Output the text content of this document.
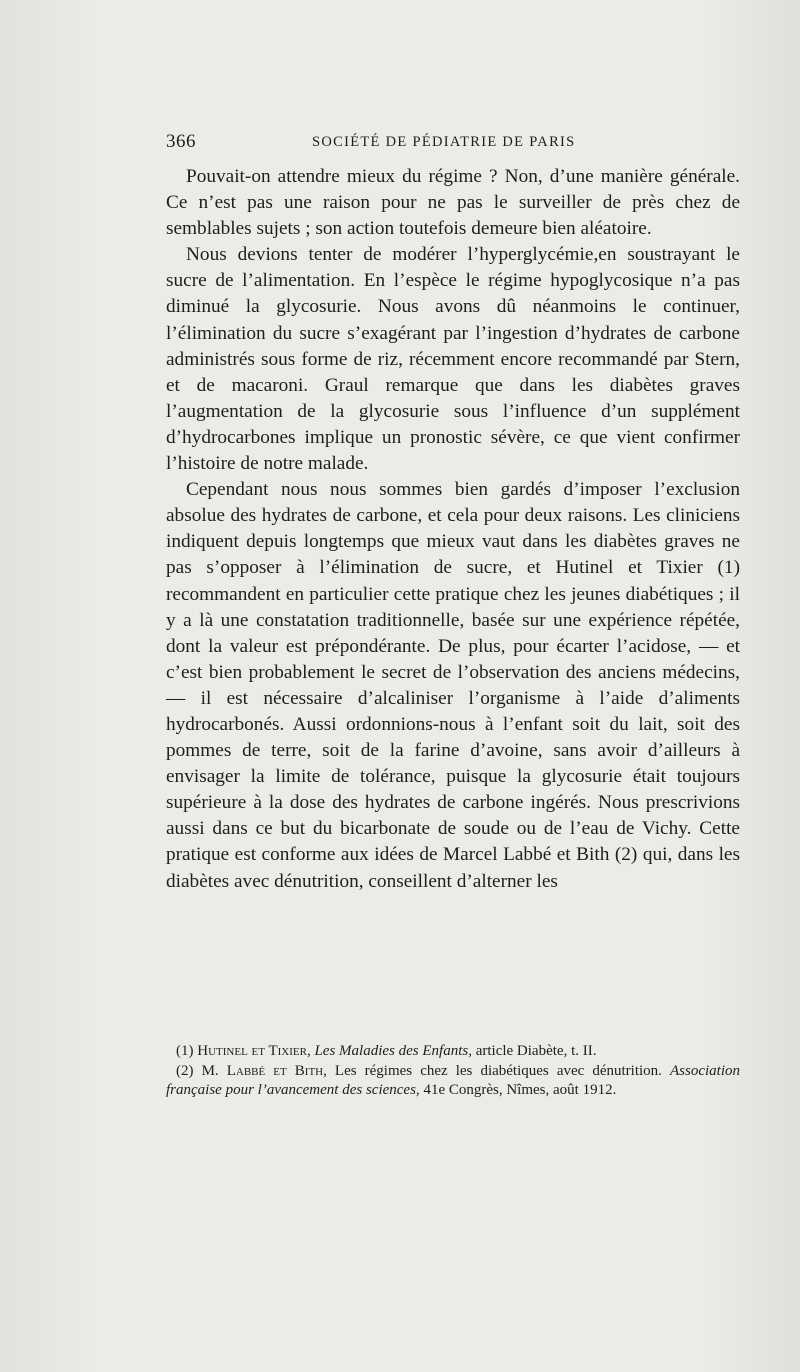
366	SOCIÉTÉ DE PÉDIATRIE DE PARIS

Pouvait-on attendre mieux du régime ? Non, d’une manière générale. Ce n’est pas une raison pour ne pas le surveiller de près chez de semblables sujets ; son action toutefois demeure bien aléatoire.

Nous devions tenter de modérer l’hyperglycémie,en soustrayant le sucre de l’alimentation. En l’espèce le régime hypoglycosique n’a pas diminué la glycosurie. Nous avons dû néanmoins le continuer, l’élimination du sucre s’exagérant par l’ingestion d’hydrates de carbone administrés sous forme de riz, récemment encore recommandé par Stern, et de macaroni. Graul remarque que dans les diabètes graves l’augmentation de la glycosurie sous l’influence d’un supplément d’hydrocarbones implique un pronostic sévère, ce que vient confirmer l’histoire de notre malade.

Cependant nous nous sommes bien gardés d’imposer l’exclusion absolue des hydrates de carbone, et cela pour deux raisons. Les cliniciens indiquent depuis longtemps que mieux vaut dans les diabètes graves ne pas s’opposer à l’élimination de sucre, et Hutinel et Tixier (1) recommandent en particulier cette pratique chez les jeunes diabétiques ; il y a là une constatation traditionnelle, basée sur une expérience répétée, dont la valeur est prépondérante. De plus, pour écarter l’acidose, — et c’est bien probablement le secret de l’observation des anciens médecins, — il est nécessaire d’alcaliniser l’organisme à l’aide d’aliments hydrocarbonés. Aussi ordonnions-nous à l’enfant soit du lait, soit des pommes de terre, soit de la farine d’avoine, sans avoir d’ailleurs à envisager la limite de tolérance, puisque la glycosurie était toujours supérieure à la dose des hydrates de carbone ingérés. Nous prescrivions aussi dans ce but du bicarbonate de soude ou de l’eau de Vichy. Cette pratique est conforme aux idées de Marcel Labbé et Bith (2) qui, dans les diabètes avec dénutrition, conseillent d’alterner les

(1) Hutinel et Tixier, Les Maladies des Enfants, article Diabète, t. II.

(2) M. Labbé et Bith, Les régimes chez les diabétiques avec dénutrition. Association française pour l’avancement des sciences, 41e Congrès, Nîmes, août 1912.
